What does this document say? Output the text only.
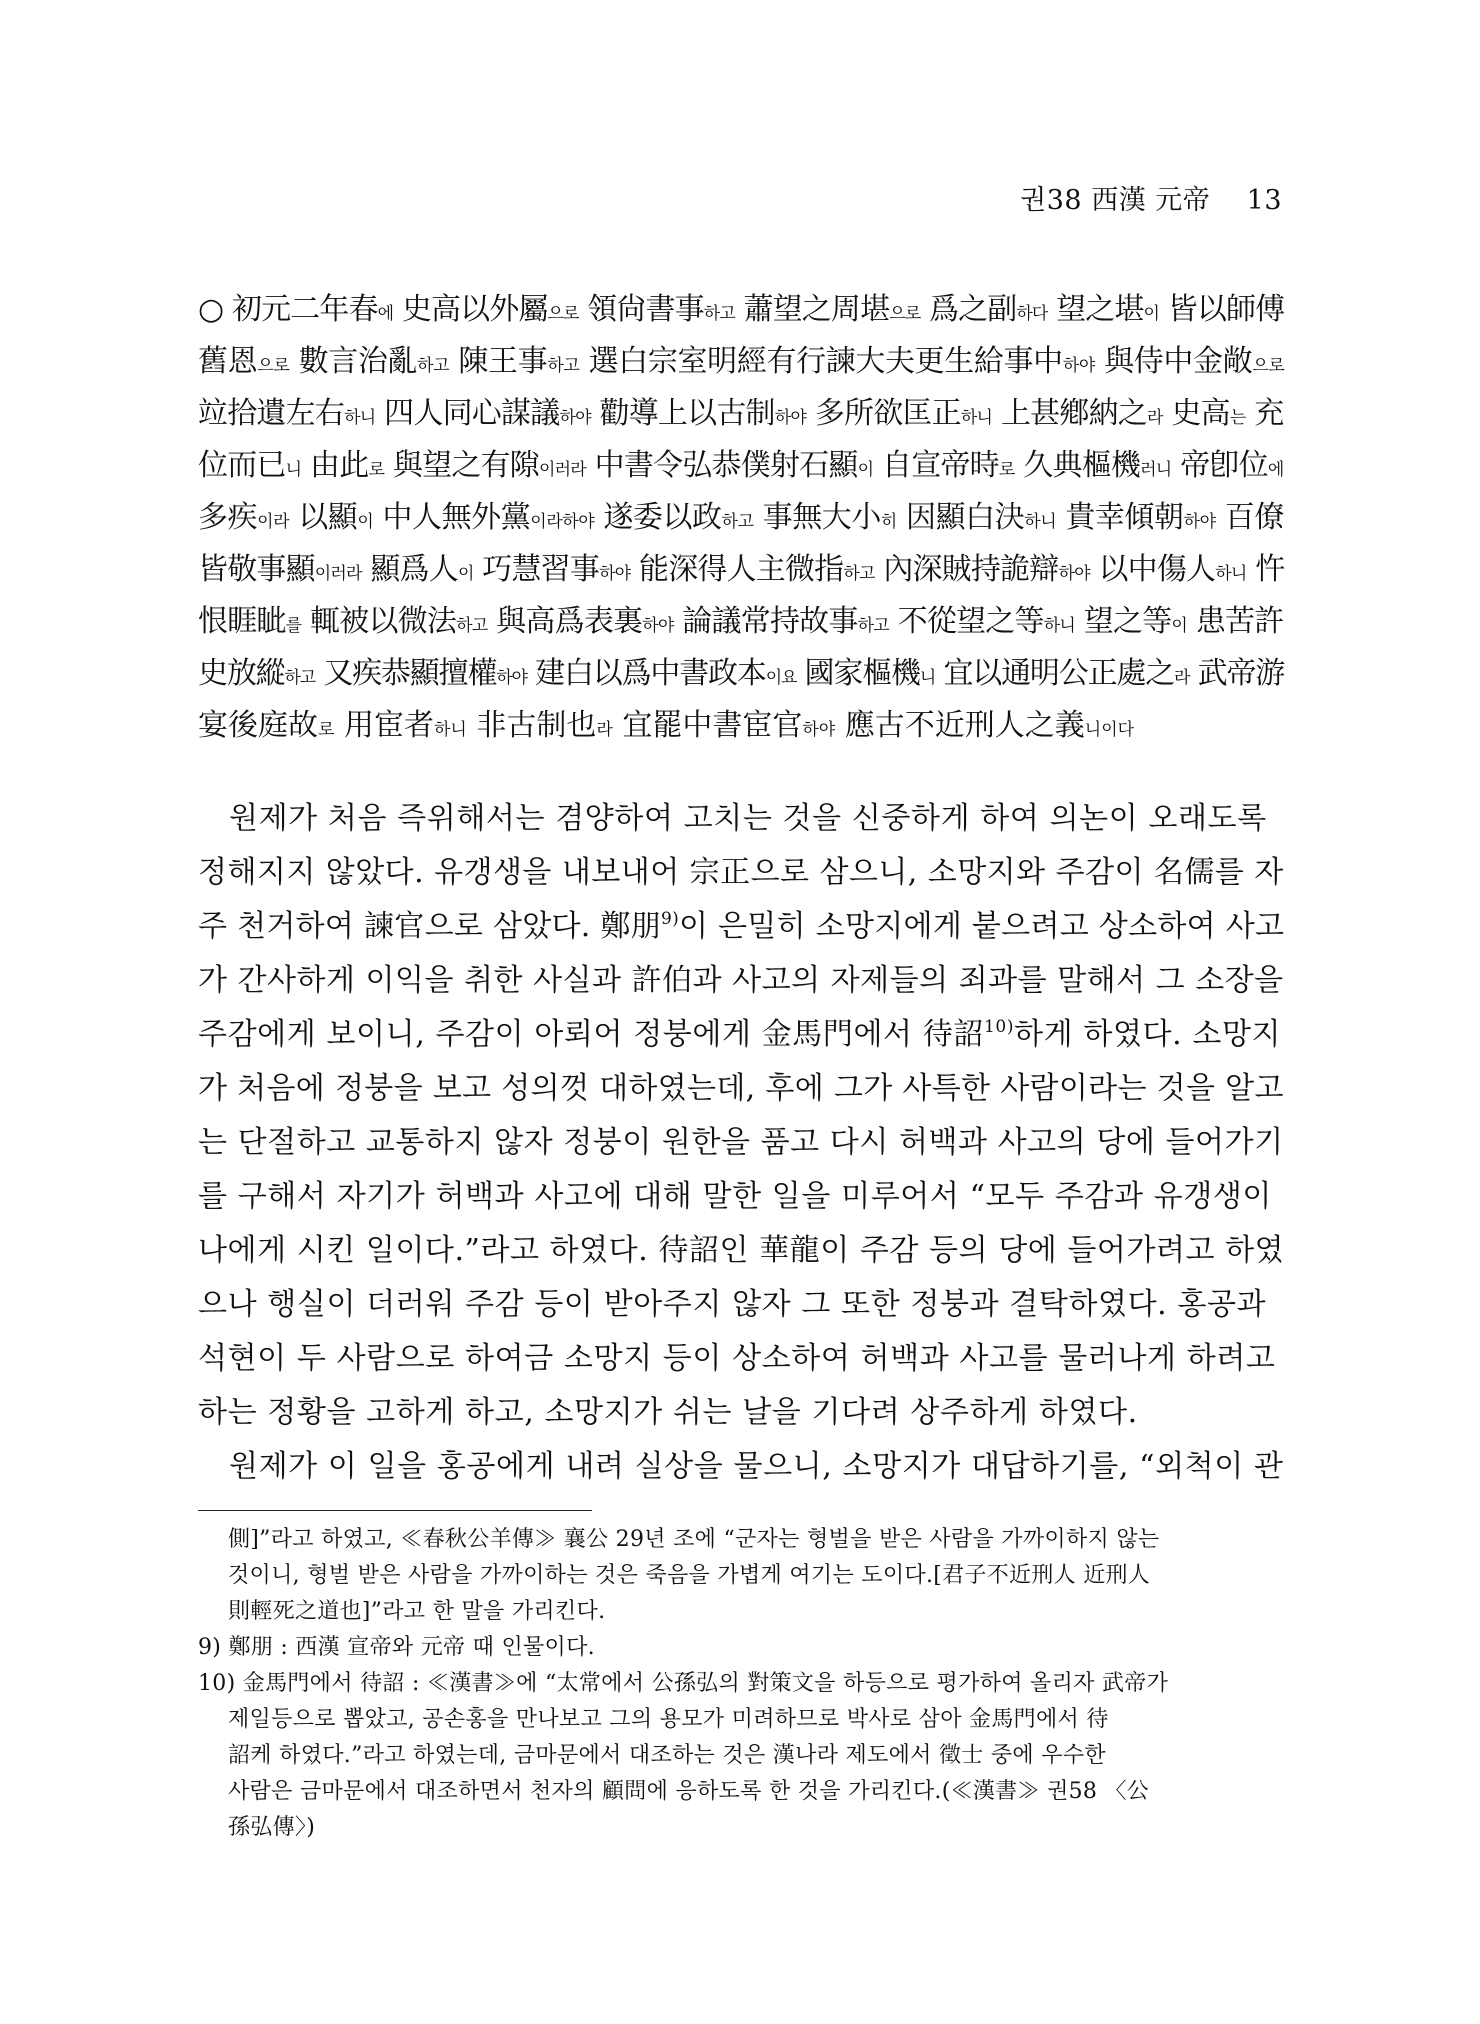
권38 西漢 元帝 13
○ 初元二年春에 史高以外屬으로 領尙書事하고 蕭望之周堪으로 爲之副하다 望之堪이 皆以師傅
舊恩으로 數言治亂하고 陳王事하고 選白宗室明經有行諫大夫更生給事中하야 與侍中金敞으로
竝拾遺左右하니 四人同心謀議하야 勸導上以古制하야 多所欲匡正하니 上甚鄕納之라 史高는 充
位而已니 由此로 與望之有隙이러라 中書令弘恭僕射石顯이 自宣帝時로 久典樞機러니 帝卽位에
多疾이라 以顯이 中人無外黨이라하야 遂委以政하고 事無大小히 因顯白決하니 貴幸傾朝하야 百僚
皆敬事顯이러라 顯爲人이 巧慧習事하야 能深得人主微指하고 內深賊持詭辯하야 以中傷人하니 忤
恨睚眦를 輒被以微法하고 與高爲表裏하야 論議常持故事하고 不從望之等하니 望之等이 患苦許
史放縱하고 又疾恭顯擅權하야 建白以爲中書政本이요 國家樞機니 宜以通明公正處之라 武帝游
宴後庭故로 用宦者하니 非古制也라 宜罷中書宦官하야 應古不近刑人之義니이다
원제가 처음 즉위해서는 겸양하여 고치는 것을 신중하게 하여 의논이 오래도록
정해지지 않았다. 유갱생을 내보내어 宗正으로 삼으니, 소망지와 주감이 名儒를 자
주 천거하여 諫官으로 삼았다. 鄭朋$^{9)}$이 은밀히 소망지에게 붙으려고 상소하여 사고
가 간사하게 이익을 취한 사실과 許伯과 사고의 자제들의 죄과를 말해서 그 소장을
주감에게 보이니, 주감이 아뢰어 정붕에게 金馬門에서 待詔$^{10)}$하게 하였다. 소망지
가 처음에 정붕을 보고 성의껏 대하였는데, 후에 그가 사특한 사람이라는 것을 알고
는 단절하고 교통하지 않자 정붕이 원한을 품고 다시 허백과 사고의 당에 들어가기
를 구해서 자기가 허백과 사고에 대해 말한 일을 미루어서 “모두 주감과 유갱생이
나에게 시킨 일이다.”라고 하였다. 待詔인 華龍이 주감 등의 당에 들어가려고 하였
으나 행실이 더러워 주감 등이 받아주지 않자 그 또한 정붕과 결탁하였다. 홍공과
석현이 두 사람으로 하여금 소망지 등이 상소하여 허백과 사고를 물러나게 하려고
하는 정황을 고하게 하고, 소망지가 쉬는 날을 기다려 상주하게 하였다.
원제가 이 일을 홍공에게 내려 실상을 물으니, 소망지가 대답하기를, “외척이 관
側]”라고 하였고, ≪春秋公羊傳≫ 襄公 29년 조에 “군자는 형벌을 받은 사람을 가까이하지 않는
것이니, 형벌 받은 사람을 가까이하는 것은 죽음을 가볍게 여기는 도이다.[君子不近刑人 近刑人
則輕死之道也]”라고 한 말을 가리킨다.
9) 鄭朋 : 西漢 宣帝와 元帝 때 인물이다.
10) 金馬門에서 待詔 : ≪漢書≫에 “太常에서 公孫弘의 對策文을 하등으로 평가하여 올리자 武帝가
제일등으로 뽑았고, 공손홍을 만나보고 그의 용모가 미려하므로 박사로 삼아 金馬門에서 待
詔케 하였다.”라고 하였는데, 금마문에서 대조하는 것은 漢나라 제도에서 徵士 중에 우수한
사람은 금마문에서 대조하면서 천자의 顧問에 응하도록 한 것을 가리킨다.(≪漢書≫ 권58 〈公
孫弘傳〉)
